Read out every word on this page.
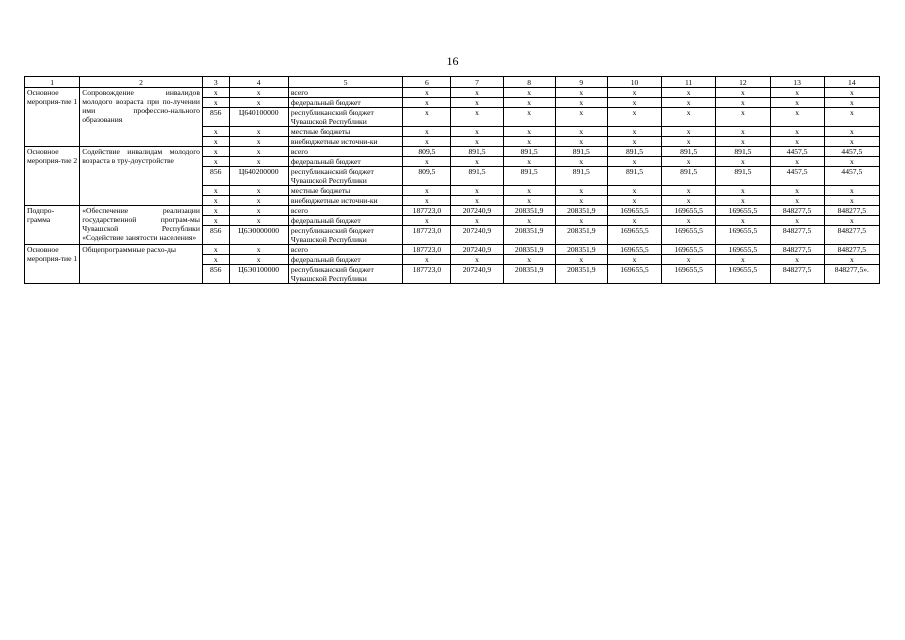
16
1	2	3	4	5	6	7	8	9	10	11	12	13	14
Основное мероприя-тие 1	Сопровождение инвалидов молодого возраста при по-лучении ими профессио-нального образования	x	x	всего	x	x	x	x	x	x	x	x	x
		x	x	федеральный бюджет	x	x	x	x	x	x	x	x	x
		856	Ц640100000	республиканский бюджет Чувашской Республики	x	x	x	x	x	x	x	x	x
		x	x	местные бюджеты	x	x	x	x	x	x	x	x	x
		x	x	внебюджетные источни-ки	x	x	x	x	x	x	x	x	x
Основное мероприя-тие 2	Содействие инвалидам молодого возраста в тру-доустройстве	x	x	всего	809,5	891,5	891,5	891,5	891,5	891,5	891,5	4457,5	4457,5
		x	x	федеральный бюджет	x	x	x	x	x	x	x	x	x
		856	Ц640200000	республиканский бюджет Чувашской Республики	809,5	891,5	891,5	891,5	891,5	891,5	891,5	4457,5	4457,5
		x	x	местные бюджеты	x	x	x	x	x	x	x	x	x
		x	x	внебюджетные источни-ки	x	x	x	x	x	x	x	x	x
Подпро-грамма	«Обеспечение реализации государственной програм-мы Чувашской Республики «Содействие занятости населения»	x	x	всего	187723,0	207240,9	208351,9	208351,9	169655,5	169655,5	169655,5	848277,5	848277,5
		x	x	федеральный бюджет	x	x	x	x	x	x	x	x	x
		856	Ц6Э0000000	республиканский бюджет Чувашской Республики	187723,0	207240,9	208351,9	208351,9	169655,5	169655,5	169655,5	848277,5	848277,5
Основное мероприя-тие 1	Общепрограммные расхо-ды	x	x	всего	187723,0	207240,9	208351,9	208351,9	169655,5	169655,5	169655,5	848277,5	848277,5
		x	x	федеральный бюджет	x	x	x	x	x	x	x	x	x
		856	Ц6Э0100000	республиканский бюджет Чувашской Республики	187723,0	207240,9	208351,9	208351,9	169655,5	169655,5	169655,5	848277,5	848277,5».
